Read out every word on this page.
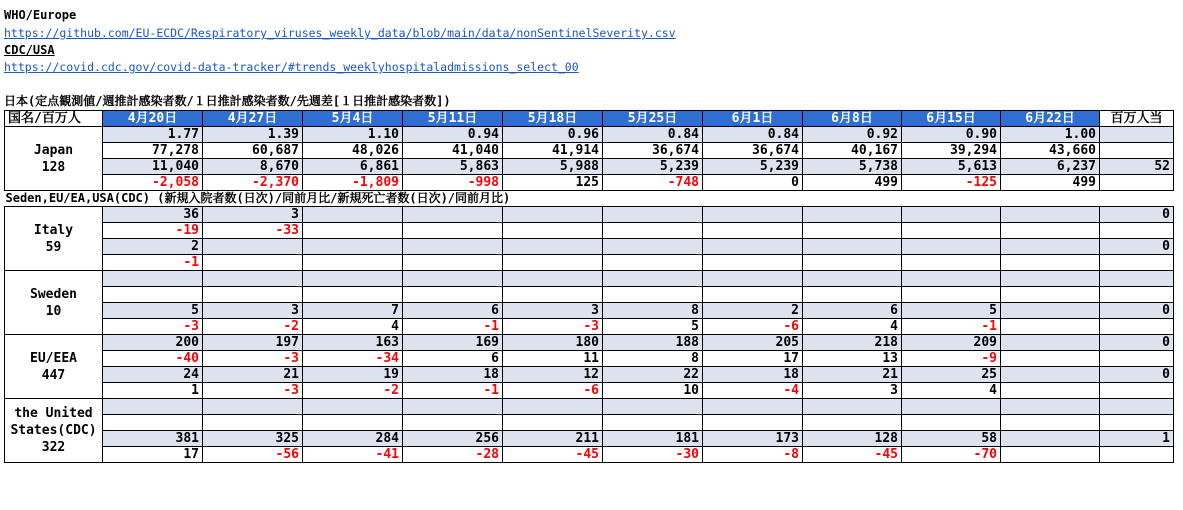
WHO/Europe
https://github.com/EU-ECDC/Respiratory_viruses_weekly_data/blob/main/data/nonSentinelSeverity.csv
CDC/USA
https://covid.cdc.gov/covid-data-tracker/#trends_weeklyhospitaladmissions_select_00
日本(定点観測値/週推計感染者数/１日推計感染者数/先週差[１日推計感染者数])
国名/百万人	4月20日	4月27日	5月4日	5月11日	5月18日	5月25日	6月1日	6月8日	6月15日	6月22日	百万人当

Japan
128	1.77	1.39	1.10	0.94	0.96	0.84	0.84	0.92	0.90	1.00	
	77,278	60,687	48,026	41,040	41,914	36,674	36,674	40,167	39,294	43,660	
	11,040	8,670	6,861	5,863	5,988	5,239	5,239	5,738	5,613	6,237	52
	-2,058	-2,370	-1,809	-998	125	-748	0	499	-125	499	
Seden,EU/EA,USA(CDC) (新規入院者数(日次)/同前月比/新規死亡者数(日次)/同前月比)											

Italy
59	36	3									0
	-19	-33									
	2										0
	-1										

Sweden
10											

	5	3	7	6	3	8	2	6	5		0
	-3	-2	4	-1	-3	5	-6	4	-1		

EU/EEA
447	200	197	163	169	180	188	205	218	209		0
	-40	-3	-34	6	11	8	17	13	-9		
	24	21	19	18	12	22	18	21	25		0
	1	-3	-2	-1	-6	10	-4	3	4		

the United States(CDC)
322											

	381	325	284	256	211	181	173	128	58		1
	17	-56	-41	-28	-45	-30	-8	-45	-70		
